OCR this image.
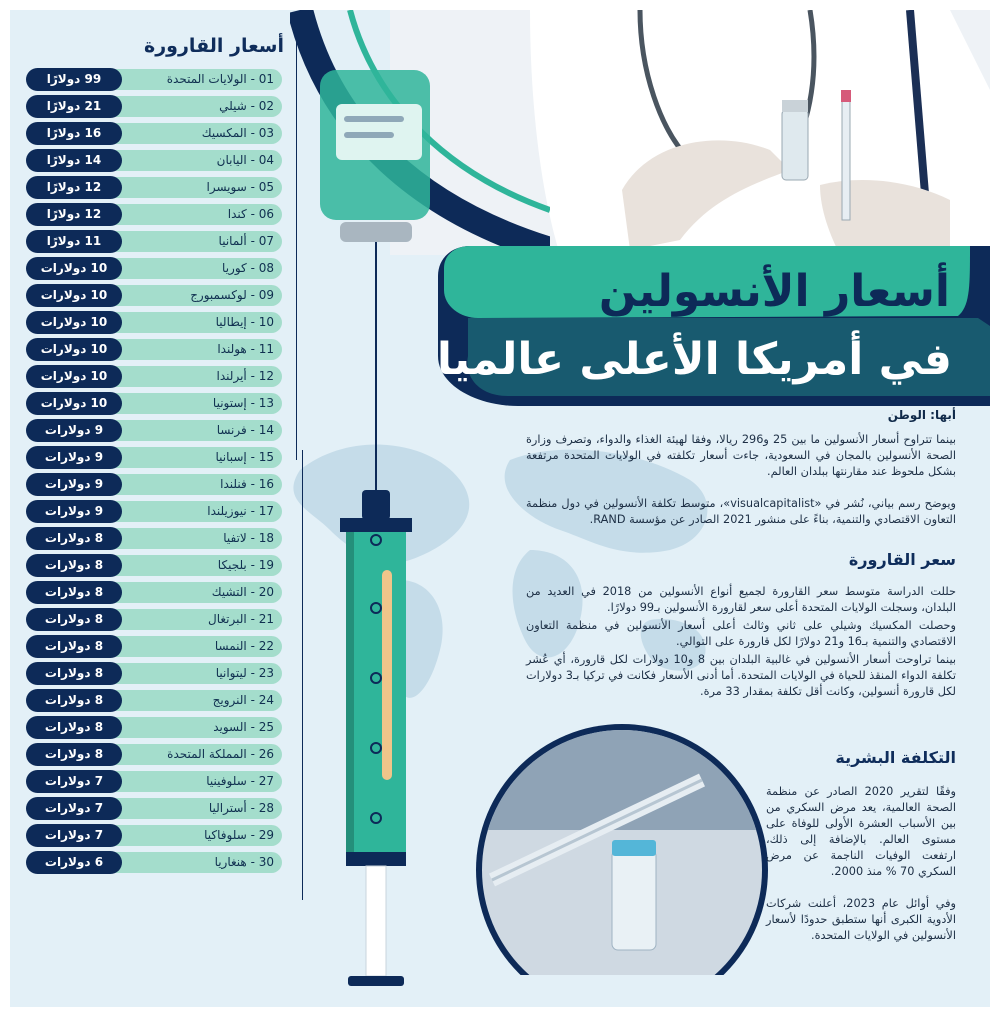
أسعار الأنسولين
في أمريكا الأعلى عالميا
أسعار القارورة
01 - الولايات المتحدة
99 دولارًا
02 - شيلي
21 دولارًا
03 - المكسيك
16 دولارًا
04 - اليابان
14 دولارًا
05 - سويسرا
12 دولارًا
06 - كندا
12 دولارًا
07 - ألمانيا
11 دولارًا
08 - كوريا
10 دولارات
09 - لوكسمبورج
10 دولارات
10 - إيطاليا
10 دولارات
11 - هولندا
10 دولارات
12 - أيرلندا
10 دولارات
13 - إستونيا
10 دولارات
14 - فرنسا
9 دولارات
15 - إسبانيا
9 دولارات
16 - فنلندا
9 دولارات
17 - نيوزيلندا
9 دولارات
18 - لاتفيا
8 دولارات
19 - بلجيكا
8 دولارات
20 - التشيك
8 دولارات
21 - البرتغال
8 دولارات
22 - النمسا
8 دولارات
23 - ليتوانيا
8 دولارات
24 - النرويج
8 دولارات
25 - السويد
8 دولارات
26 - المملكة المتحدة
8 دولارات
27 - سلوفينيا
7 دولارات
28 - أستراليا
7 دولارات
29 - سلوفاكيا
7 دولارات
30 - هنغاريا
6 دولارات
أبها: الوطن
بينما تتراوح أسعار الأنسولين ما بين 25 و296 ريالا، وفقا لهيئة الغذاء والدواء، وتصرف وزارة الصحة الأنسولين بالمجان في السعودية، جاءت أسعار تكلفته في الولايات المتحدة مرتفعة بشكل ملحوظ عند مقارنتها ببلدان العالم.
ويوضح رسم بياني، نُشر في «visualcapitalist»، متوسط تكلفة الأنسولين في دول منظمة التعاون الاقتصادي والتنمية، بناءً على منشور 2021 الصادر عن مؤسسة RAND.
سعر القارورة
حللت الدراسة متوسط سعر القارورة لجميع أنواع الأنسولين من 2018 في العديد من البلدان، وسجلت الولايات المتحدة أعلى سعر لقارورة الأنسولين بـ99 دولارًا.
وحصلت المكسيك وشيلي على ثاني وثالث أعلى أسعار الأنسولين في منظمة التعاون الاقتصادي والتنمية بـ16 و21 دولارًا لكل قارورة على التوالي.
بينما تراوحت أسعار الأنسولين في غالبية البلدان بين 8 و10 دولارات لكل قارورة، أي عُشر تكلفة الدواء المنقذ للحياة في الولايات المتحدة. أما أدنى الأسعار فكانت في تركيا بـ3 دولارات لكل قارورة أنسولين، وكانت أقل تكلفة بمقدار 33 مرة.
التكلفة البشرية
وفقًا لتقرير 2020 الصادر عن منظمة الصحة العالمية، يعد مرض السكري من بين الأسباب العشرة الأولى للوفاة على مستوى العالم. بالإضافة إلى ذلك، ارتفعت الوفيات الناجمة عن مرض السكري 70 % منذ 2000.
وفي أوائل عام 2023، أعلنت شركات الأدوية الكبرى أنها ستطبق حدودًا لأسعار الأنسولين في الولايات المتحدة.
